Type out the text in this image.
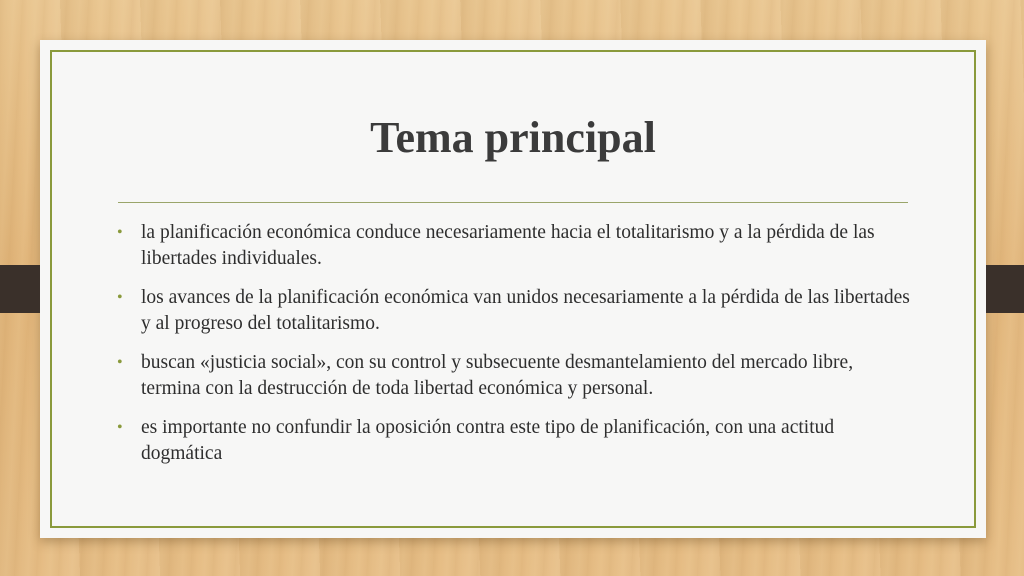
Tema principal
• la planificación económica conduce necesariamente hacia el totalitarismo y a la pérdida de las libertades individuales.
• los avances de la planificación económica van unidos necesariamente a la pérdida de las libertades y al progreso del totalitarismo.
• buscan «justicia social», con su control y subsecuente desmantelamiento del mercado libre, termina con la destrucción de toda libertad económica y personal.
• es importante no confundir la oposición contra este tipo de planificación, con una actitud dogmática
